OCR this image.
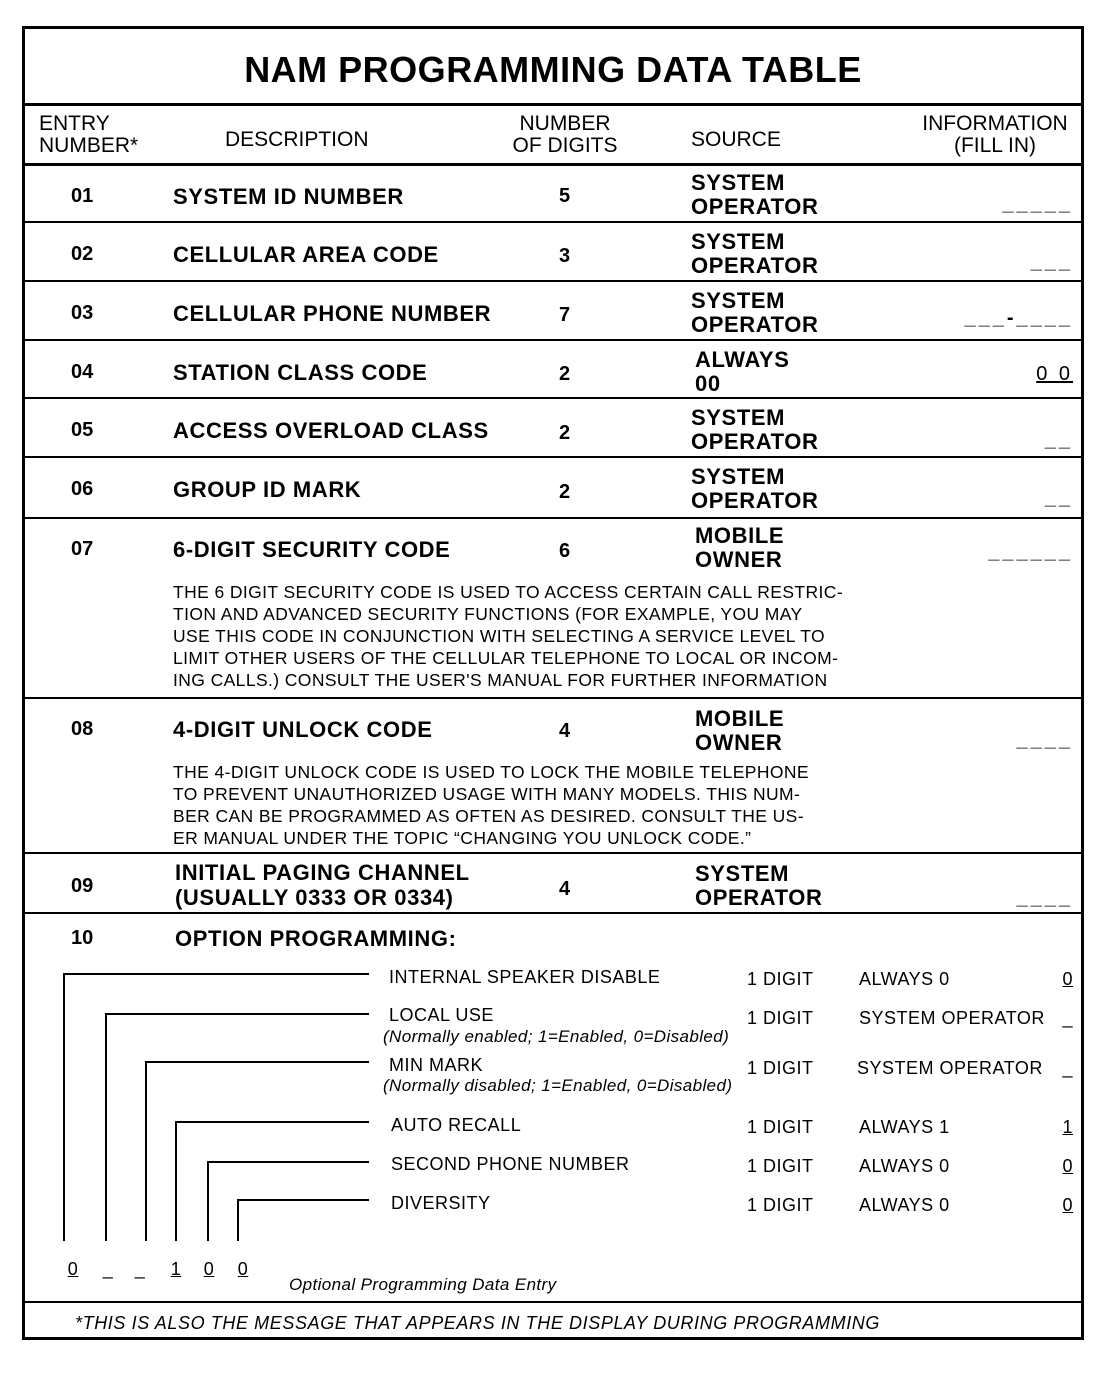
NAM PROGRAMMING DATA TABLE
ENTRY
NUMBER*	DESCRIPTION
NUMBER
OF DIGITS	SOURCE
INFORMATION
(FILL IN)
01	SYSTEM ID NUMBER	5
SYSTEM
OPERATOR	_____
02	CELLULAR AREA CODE	3
SYSTEM
OPERATOR	___
03	CELLULAR PHONE NUMBER	7
SYSTEM
OPERATOR	___-____
04	STATION CLASS CODE	2
ALWAYS
00	0 0
05	ACCESS OVERLOAD CLASS	2
SYSTEM
OPERATOR	__
06	GROUP ID MARK	2
SYSTEM
OPERATOR	__
07	6-DIGIT SECURITY CODE	6
MOBILE
OWNER	______
THE 6 DIGIT SECURITY CODE IS USED TO ACCESS CERTAIN CALL RESTRIC-
TION AND ADVANCED SECURITY FUNCTIONS (FOR EXAMPLE, YOU MAY
USE THIS CODE IN CONJUNCTION WITH SELECTING A SERVICE LEVEL TO
LIMIT OTHER USERS OF THE CELLULAR TELEPHONE TO LOCAL OR INCOM-
ING CALLS.) CONSULT THE USER'S MANUAL FOR FURTHER INFORMATION
08	4-DIGIT UNLOCK CODE	4	MOBILE
OWNER	____
THE 4-DIGIT UNLOCK CODE IS USED TO LOCK THE MOBILE TELEPHONE
TO PREVENT UNAUTHORIZED USAGE WITH MANY MODELS. THIS NUM-
BER CAN BE PROGRAMMED AS OFTEN AS DESIRED. CONSULT THE US-
ER MANUAL UNDER THE TOPIC “CHANGING YOU UNLOCK CODE.”
09
INITIAL PAGING CHANNEL
(USUALLY 0333 OR 0334)	4
SYSTEM
OPERATOR	____
10	OPTION PROGRAMMING:
INTERNAL SPEAKER DISABLE	1 DIGIT	ALWAYS 0	0
LOCAL USE
(Normally enabled; 1=Enabled, 0=Disabled)
1 DIGIT	SYSTEM OPERATOR _
MIN MARK
(Normally disabled; 1=Enabled, 0=Disabled)
1 DIGIT SYSTEM OPERATOR _
AUTO RECALL	1 DIGIT	ALWAYS 1	1
SECOND PHONE NUMBER	1 DIGIT	ALWAYS 0	0
DIVERSITY	1 DIGIT	ALWAYS 0	0
0 _ _ 1 0 0
Optional Programming Data Entry
*THIS IS ALSO THE MESSAGE THAT APPEARS IN THE DISPLAY DURING PROGRAMMING
